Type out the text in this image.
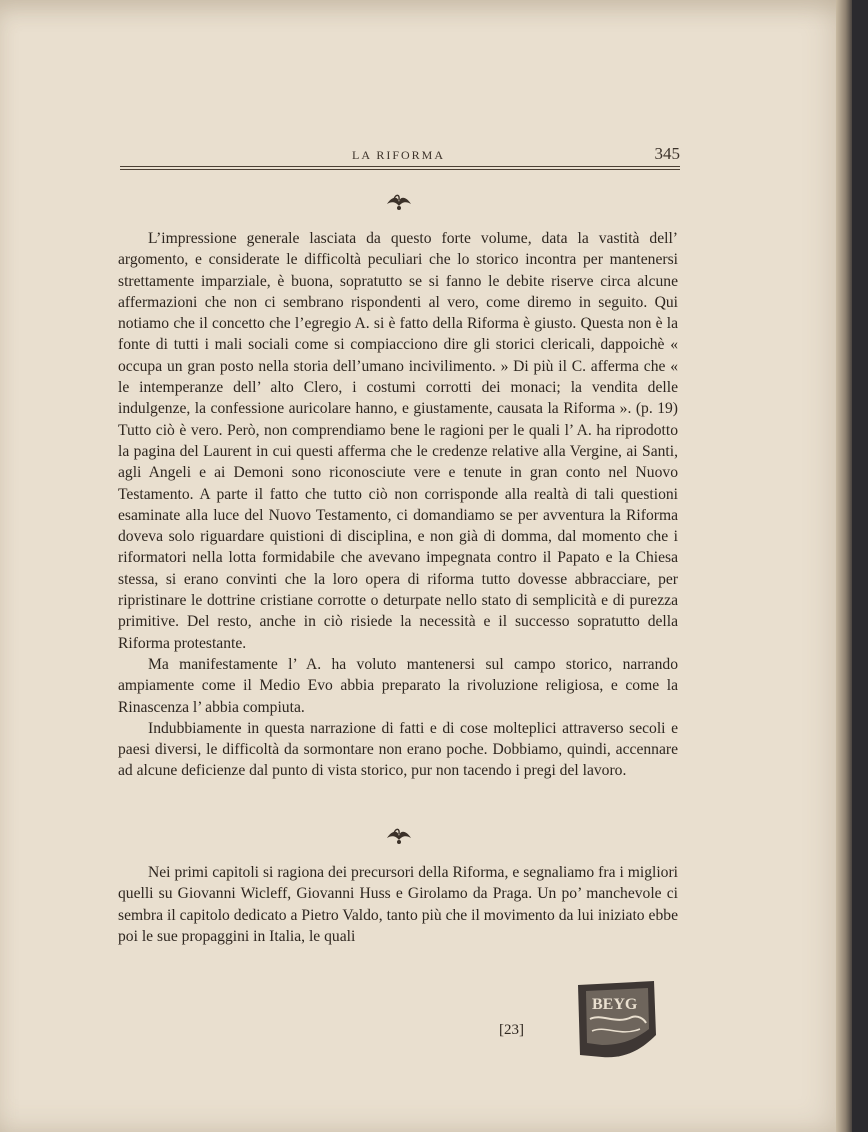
LA RIFORMA	345

L’impressione generale lasciata da questo forte volume, data la vastità dell’ argomento, e considerate le difficoltà peculiari che lo storico incontra per mantenersi strettamente imparziale, è buona, sopratutto se si fanno le debite riserve circa alcune affermazioni che non ci sembrano rispondenti al vero, come diremo in seguito. Qui notiamo che il concetto che l’egregio A. si è fatto della Riforma è giusto. Questa non è la fonte di tutti i mali sociali come si compiacciono dire gli storici clericali, dappoichè « occupa un gran posto nella storia dell’umano incivilimento. » Di più il C. afferma che « le intemperanze dell’ alto Clero, i costumi corrotti dei monaci; la vendita delle indulgenze, la confessione auricolare hanno, e giustamente, causata la Riforma ». (p. 19) Tutto ciò è vero. Però, non comprendiamo bene le ragioni per le quali l’ A. ha riprodotto la pagina del Laurent in cui questi afferma che le credenze relative alla Vergine, ai Santi, agli Angeli e ai Demoni sono riconosciute vere e tenute in gran conto nel Nuovo Testamento. A parte il fatto che tutto ciò non corrisponde alla realtà di tali questioni esaminate alla luce del Nuovo Testamento, ci domandiamo se per avventura la Riforma doveva solo riguardare quistioni di disciplina, e non già di domma, dal momento che i riformatori nella lotta formidabile che avevano impegnata contro il Papato e la Chiesa stessa, si erano convinti che la loro opera di riforma tutto dovesse abbracciare, per ripristinare le dottrine cristiane corrotte o deturpate nello stato di semplicità e di purezza primitive. Del resto, anche in ciò risiede la necessità e il successo sopratutto della Riforma protestante.

Ma manifestamente l’ A. ha voluto mantenersi sul campo storico, narrando ampiamente come il Medio Evo abbia preparato la rivoluzione religiosa, e come la Rinascenza l’ abbia compiuta.

Indubbiamente in questa narrazione di fatti e di cose molteplici attraverso secoli e paesi diversi, le difficoltà da sormontare non erano poche. Dobbiamo, quindi, accennare ad alcune deficienze dal punto di vista storico, pur non tacendo i pregi del lavoro.

Nei primi capitoli si ragiona dei precursori della Riforma, e segnaliamo fra i migliori quelli su Giovanni Wicleff, Giovanni Huss e Girolamo da Praga. Un po’ manchevole ci sembra il capitolo dedicato a Pietro Valdo, tanto più che il movimento da lui iniziato ebbe poi le sue propaggini in Italia, le quali

[23]
BEYG
